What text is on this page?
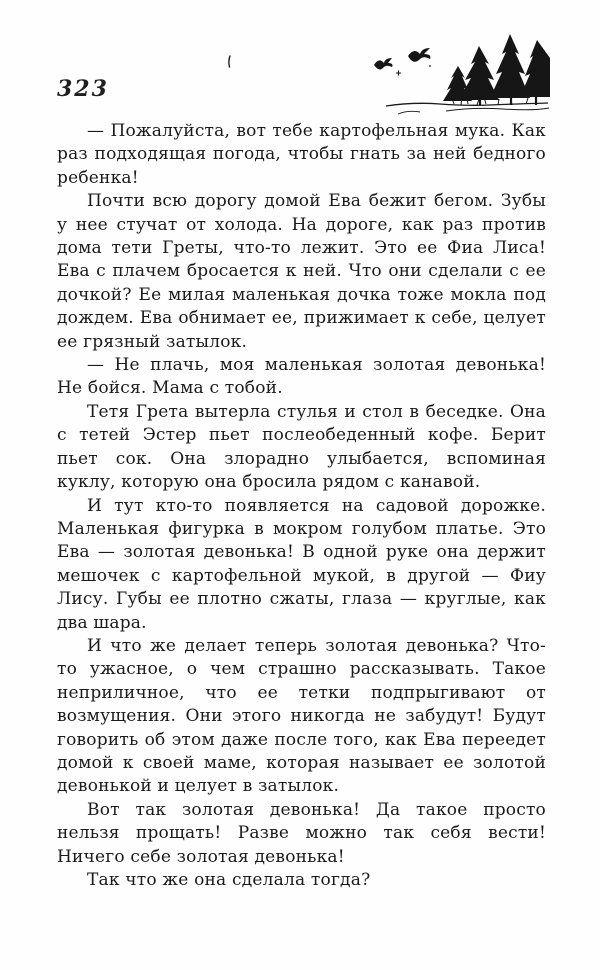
323

— Пожалуйста, вот тебе картофельная мука. Как раз подходящая погода, чтобы гнать за ней бедного ребенка!

Почти всю дорогу домой Ева бежит бегом. Зубы у нее стучат от холода. На дороге, как раз против дома тети Греты, что-то лежит. Это ее Фиа Лиса! Ева с плачем бросается к ней. Что они сделали с ее дочкой? Ее милая маленькая дочка тоже мокла под дождем. Ева обнимает ее, прижимает к себе, целует ее грязный затылок.

— Не плачь, моя маленькая золотая девонька! Не бойся. Мама с тобой.

Тетя Грета вытерла стулья и стол в беседке. Она с тетей Эстер пьет послеобеденный кофе. Берит пьет сок. Она злорадно улыбается, вспоминая куклу, которую она бросила рядом с канавой.

И тут кто-то появляется на садовой дорожке. Маленькая фигурка в мокром голубом платье. Это Ева — золотая девонька! В одной руке она держит мешочек с картофельной мукой, в другой — Фиу Лису. Губы ее плотно сжаты, глаза — круглые, как два шара.

И что же делает теперь золотая девонька? Что-то ужасное, о чем страшно рассказывать. Такое неприличное, что ее тетки подпрыгивают от возмущения. Они этого никогда не забудут! Будут говорить об этом даже после того, как Ева переедет домой к своей маме, которая называет ее золотой девонькой и целует в затылок.

Вот так золотая девонька! Да такое просто нельзя прощать! Разве можно так себя вести! Ничего себе золотая девонька!

Так что же она сделала тогда?
